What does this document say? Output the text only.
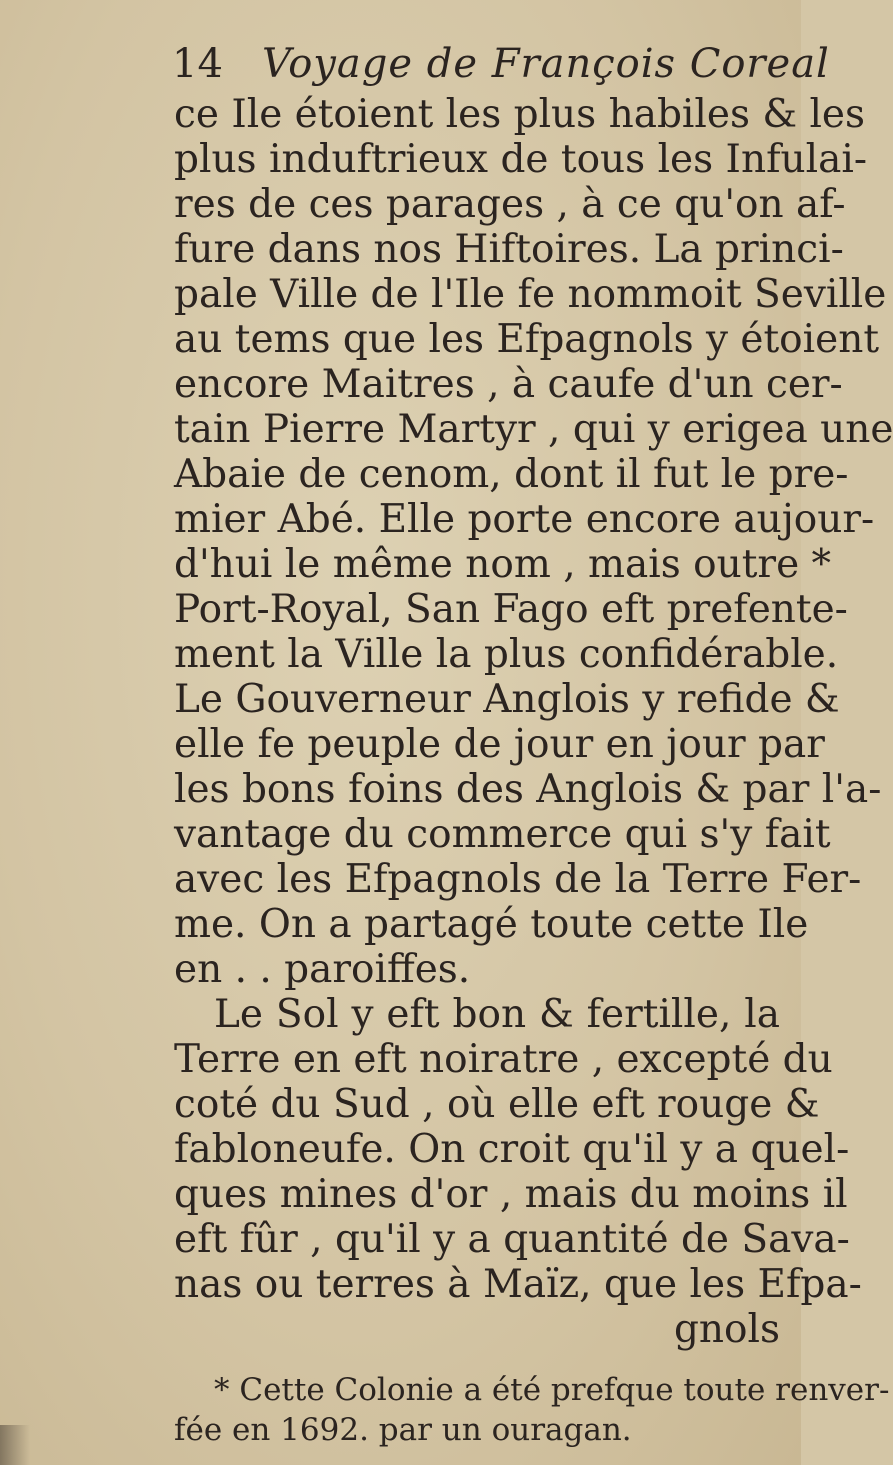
14 Voyage de François Coreal
ce Ile étoient les plus habiles & les
plus induftrieux de tous les Infulai-
res de ces parages , à ce qu'on af-
fure dans nos Hiftoires. La princi-
pale Ville de l'Ile fe nommoit Seville
au tems que les Efpagnols y étoient
encore Maitres , à caufe d'un cer-
tain Pierre Martyr , qui y erigea une
Abaie de cenom, dont il fut le pre-
mier Abé. Elle porte encore aujour-
d'hui le même nom , mais outre *
Port-Royal, San Fago eft prefente-
ment la Ville la plus confidérable.
Le Gouverneur Anglois y refide &
elle fe peuple de jour en jour par
les bons foins des Anglois & par l'a-
vantage du commerce qui s'y fait
avec les Efpagnols de la Terre Fer-
me. On a partagé toute cette Ile
en . . paroiffes.
Le Sol y eft bon & fertille, la
Terre en eft noiratre , excepté du
coté du Sud , où elle eft rouge &
fabloneufe. On croit qu'il y a quel-
ques mines d'or , mais du moins il
eft fûr , qu'il y a quantité de Sava-
nas ou terres à Maïz, que les Efpa-
gnols
* Cette Colonie a été prefque toute renver-
fée en 1692. par un ouragan.
